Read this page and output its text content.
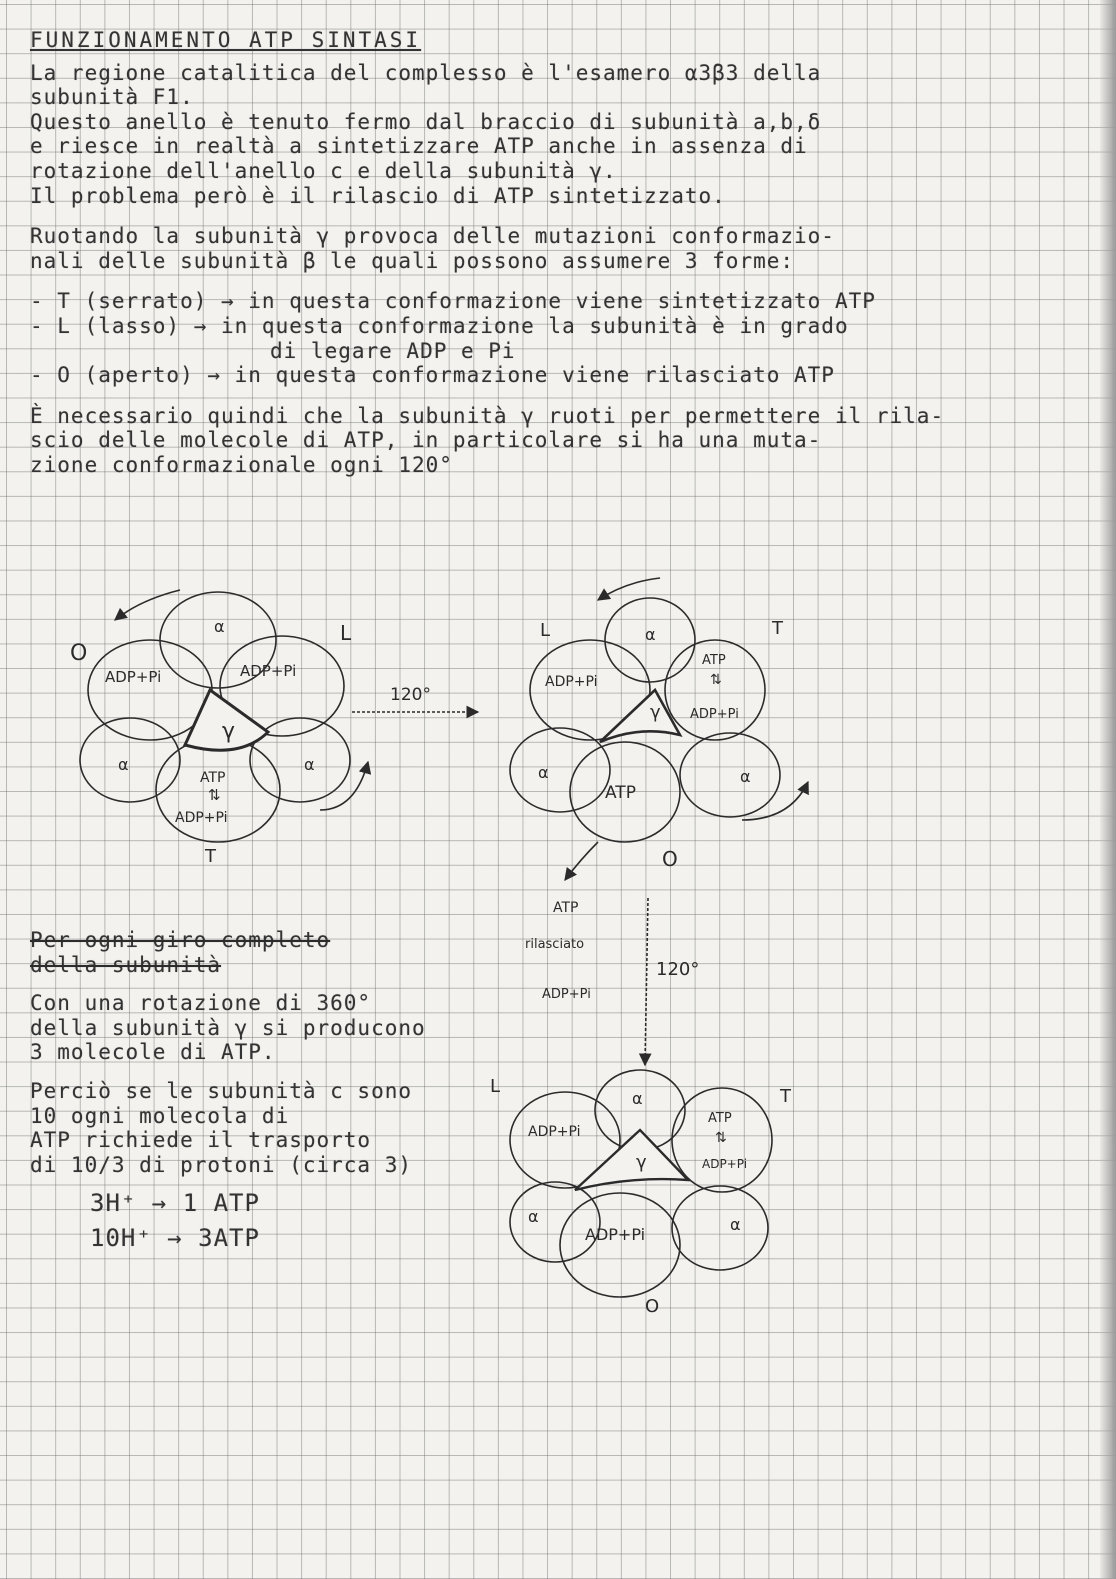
FUNZIONAMENTO ATP SINTASI
La regione catalitica del complesso è l'esamero α3β3 della
subunità F1.
Questo anello è tenuto fermo dal braccio di subunità a,b,δ
e riesce in realtà a sintetizzare ATP anche in assenza di
rotazione dell'anello c e della subunità γ.
Il problema però è il rilascio di ATP sintetizzato.
Ruotando la subunità γ provoca delle mutazioni conformazio-
nali delle subunità β le quali possono assumere 3 forme:
- T (serrato) → in questa conformazione viene sintetizzato ATP
- L (lasso) → in questa conformazione la subunità è in grado
di legare ADP e Pi
- O (aperto) → in questa conformazione viene rilasciato ATP
È necessario quindi che la subunità γ ruoti per permettere il rila-
scio delle molecole di ATP, in particolare si ha una muta-
zione conformazionale ogni 120°
Per ogni giro completo
della subunità
Con una rotazione di 360°
della subunità γ si producono
3 molecole di ATP.
Perciò se le subunità c sono
10 ogni molecola di
ATP richiede il trasporto
di 10/3 di protoni (circa 3)
3H⁺ → 1 ATP
10H⁺ → 3ATP
O
L
T
ADP+Pi	ADP+Pi
ATP
⇅
ADP+Pi
α
α	α
γ
120°
L	T
O
ADP+Pi
ATP
⇅
ADP+Pi
ATP
α
α	α
γ
ATP
rilasciato
120°
ADP+Pi
L	T
O
ADP+Pi
ATP
⇅
ADP+Pi
ADP+Pi
α
α	α
γ
